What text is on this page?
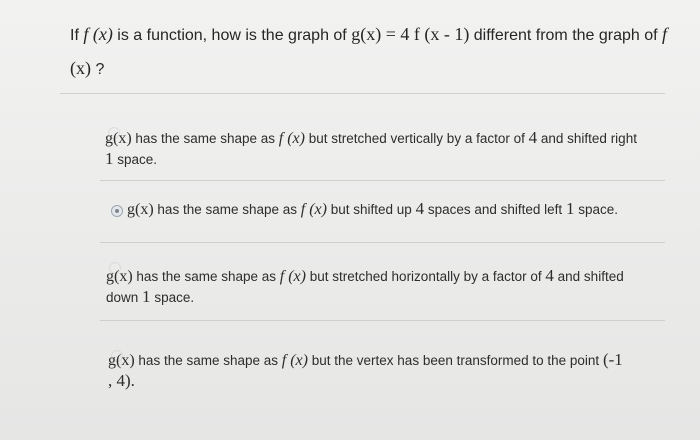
If f (x) is a function, how is the graph of g(x) = 4 f (x - 1) different from the graph of f
(x) ?
g(x) has the same shape as f (x) but stretched vertically by a factor of 4 and shifted right 1 space.
g(x) has the same shape as f (x) but shifted up 4 spaces and shifted left 1 space.
g(x) has the same shape as f (x) but stretched horizontally by a factor of 4 and shifted down 1 space.
g(x) has the same shape as f (x) but the vertex has been transformed to the point (-1
, 4).
